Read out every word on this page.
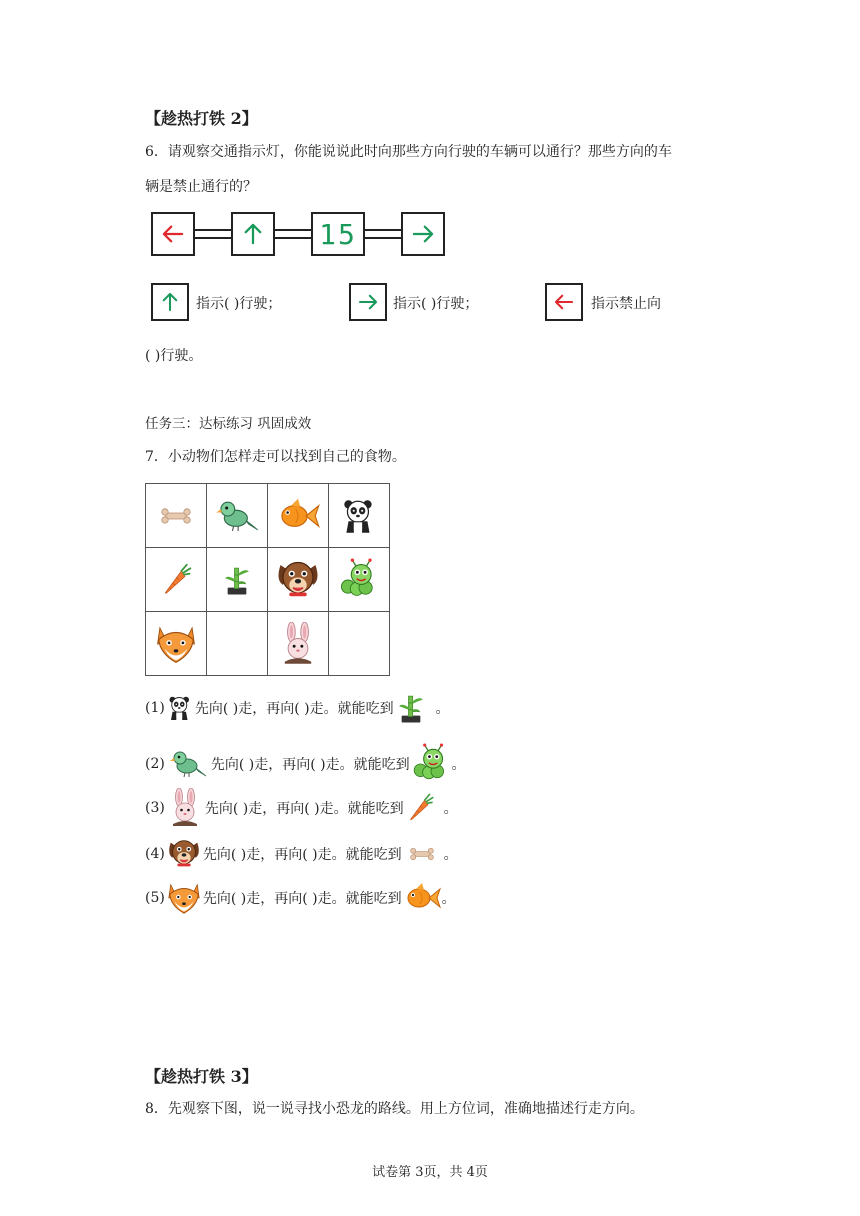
【趁热打铁 2】
6．请观察交通指示灯，你能说说此时向那些方向行驶的车辆可以通行？那些方向的车
辆是禁止通行的？
15
指示( )行驶；	指示( )行驶；	指示禁止向
( )行驶。
任务三：达标练习 巩固成效
7．小动物们怎样走可以找到自己的食物。

(1) 先向( )走，再向( )走。就能吃到	。
(2)	先向( )走，再向( )走。就能吃到	。
(3)	先向( )走，再向( )走。就能吃到	。
(4)	先向( )走，再向( )走。就能吃到	。
(5)	先向( )走，再向( )走。就能吃到	。
【趁热打铁 3】
8．先观察下图，说一说寻找小恐龙的路线。用上方位词，准确地描述行走方向。
试卷第 3页，共 4页
